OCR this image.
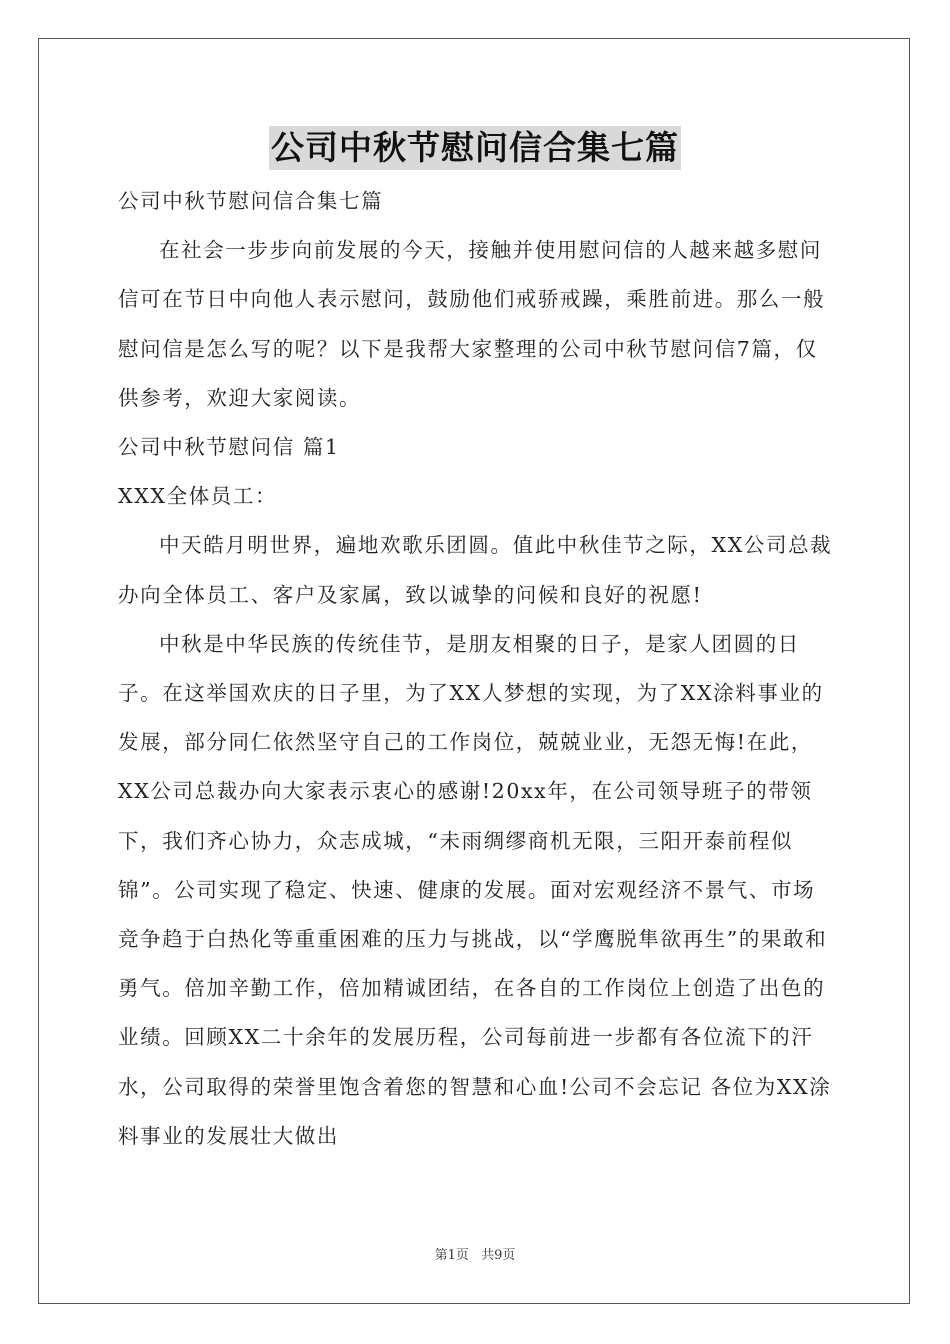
公司中秋节慰问信合集七篇

公司中秋节慰问信合集七篇

在社会一步步向前发展的今天，接触并使用慰问信的人越来越多慰问信可在节日中向他人表示慰问，鼓励他们戒骄戒躁，乘胜前进。那么一般慰问信是怎么写的呢？以下是我帮大家整理的公司中秋节慰问信7篇，仅供参考，欢迎大家阅读。

公司中秋节慰问信 篇1

XXX全体员工：

中天皓月明世界，遍地欢歌乐团圆。值此中秋佳节之际，XX公司总裁办向全体员工、客户及家属，致以诚挚的问候和良好的祝愿!

中秋是中华民族的传统佳节，是朋友相聚的日子，是家人团圆的日子。在这举国欢庆的日子里，为了XX人梦想的实现，为了XX涂料事业的发展，部分同仁依然坚守自己的工作岗位，兢兢业业，无怨无悔!在此，XX公司总裁办向大家表示衷心的感谢!20xx年，在公司领导班子的带领下，我们齐心协力，众志成城，“未雨绸缪商机无限，三阳开泰前程似锦”。公司实现了稳定、快速、健康的发展。面对宏观经济不景气、市场竞争趋于白热化等重重困难的压力与挑战，以“学鹰脱隼欲再生”的果敢和勇气。倍加辛勤工作，倍加精诚团结，在各自的工作岗位上创造了出色的业绩。回顾XX二十余年的发展历程，公司每前进一步都有各位流下的汗水，公司取得的荣誉里饱含着您的智慧和心血!公司不会忘记 各位为XX涂料事业的发展壮大做出

第1页 共9页
